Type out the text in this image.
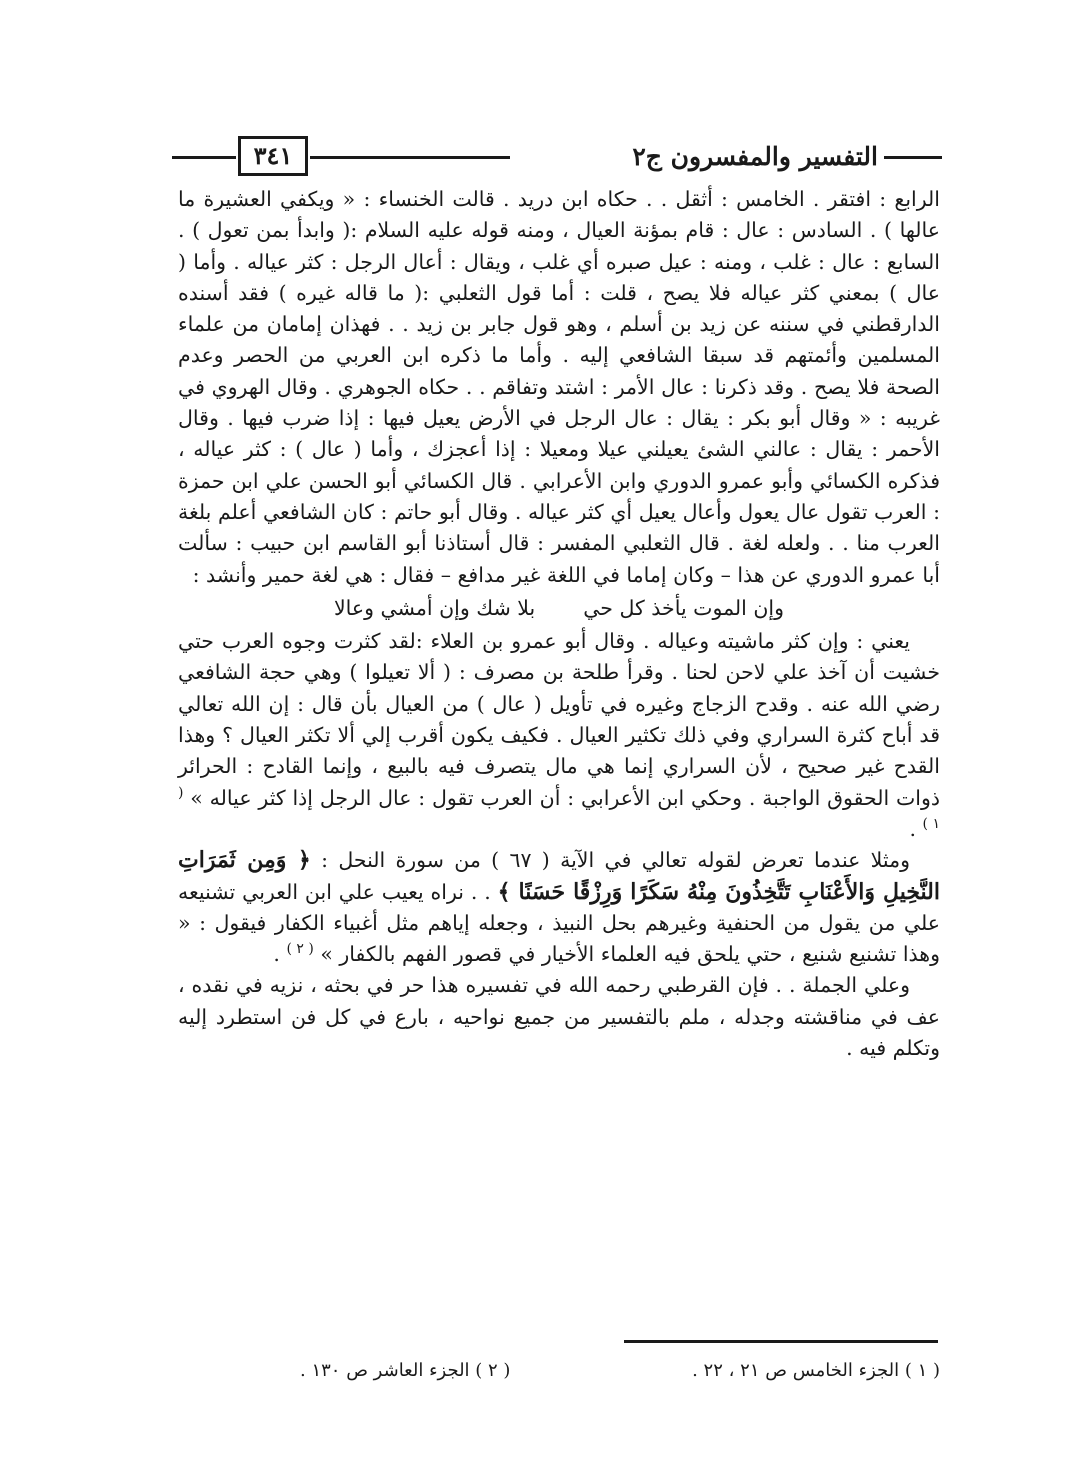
التفسير والمفسرون ج٢
٣٤١

الرابع : افتقر . الخامس : أثقل . . حكاه ابن دريد . قالت الخنساء : « ويكفي العشيرة ما عالها ) . السادس : عال : قام بمؤنة العيال ، ومنه قوله عليه السلام :( وابدأ بمن تعول ) . السابع : عال : غلب ، ومنه : عيل صبره أي غلب ، ويقال : أعال الرجل : كثر عياله . وأما ( عال ) بمعني كثر عياله فلا يصح ، قلت : أما قول الثعلبي :( ما قاله غيره ) فقد أسنده الدارقطني في سننه عن زيد بن أسلم ، وهو قول جابر بن زيد . . فهذان إمامان من علماء المسلمين وأئمتهم قد سبقا الشافعي إليه . وأما ما ذكره ابن العربي من الحصر وعدم الصحة فلا يصح . وقد ذكرنا : عال الأمر : اشتد وتفاقم . . حكاه الجوهري . وقال الهروي في غريبه : « وقال أبو بكر : يقال : عال الرجل في الأرض يعيل فيها : إذا ضرب فيها . وقال الأحمر : يقال : عالني الشئ يعيلني عيلا ومعيلا : إذا أعجزك ، وأما ( عال ) : كثر عياله ، فذكره الكسائي وأبو عمرو الدوري وابن الأعرابي . قال الكسائي أبو الحسن علي ابن حمزة : العرب تقول عال يعول وأعال يعيل أي كثر عياله . وقال أبو حاتم : كان الشافعي أعلم بلغة العرب منا . . ولعله لغة . قال الثعلبي المفسر : قال أستاذنا أبو القاسم ابن حبيب : سألت أبا عمرو الدوري عن هذا – وكان إماما في اللغة غير مدافع – فقال : هي لغة حمير وأنشد :

وإن الموت يأخذ كل حي
بلا شك وإن أمشي وعالا

يعني : وإن كثر ماشيته وعياله . وقال أبو عمرو بن العلاء :لقد كثرت وجوه العرب حتي خشيت أن آخذ علي لاحن لحنا . وقرأ طلحة بن مصرف : ( ألا تعيلوا ) وهي حجة الشافعي رضي الله عنه . وقدح الزجاج وغيره في تأويل ( عال ) من العيال بأن قال : إن الله تعالي قد أباح كثرة السراري وفي ذلك تكثير العيال . فكيف يكون أقرب إلي ألا تكثر العيال ؟ وهذا القدح غير صحيح ، لأن السراري إنما هي مال يتصرف فيه بالبيع ، وإنما القادح : الحرائر ذوات الحقوق الواجبة . وحكي ابن الأعرابي : أن العرب تقول : عال الرجل إذا كثر عياله » $^{( ١ )}$ .

ومثلا عندما تعرض لقوله تعالي في الآية ( ٦٧ ) من سورة النحل : ﴿ وَمِن ثَمَرَاتِ النَّخِيلِ وَالأَعْنَابِ تَتَّخِذُونَ مِنْهُ سَكَرًا وَرِزْقًا حَسَنًا ﴾ . . نراه يعيب علي ابن العربي تشنيعه علي من يقول من الحنفية وغيرهم بحل النبيذ ، وجعله إياهم مثل أغبياء الكفار فيقول : « وهذا تشنيع شنيع ، حتي يلحق فيه العلماء الأخيار في قصور الفهم بالكفار » $^{( ٢ )}$ .

وعلي الجملة . . فإن القرطبي رحمه الله في تفسيره هذا حر في بحثه ، نزيه في نقده ، عف في مناقشته وجدله ، ملم بالتفسير من جميع نواحيه ، بارع في كل فن استطرد إليه وتكلم فيه .

( ١ ) الجزء الخامس ص ٢١ ، ٢٢ .
( ٢ ) الجزء العاشر ص ١٣٠ .
